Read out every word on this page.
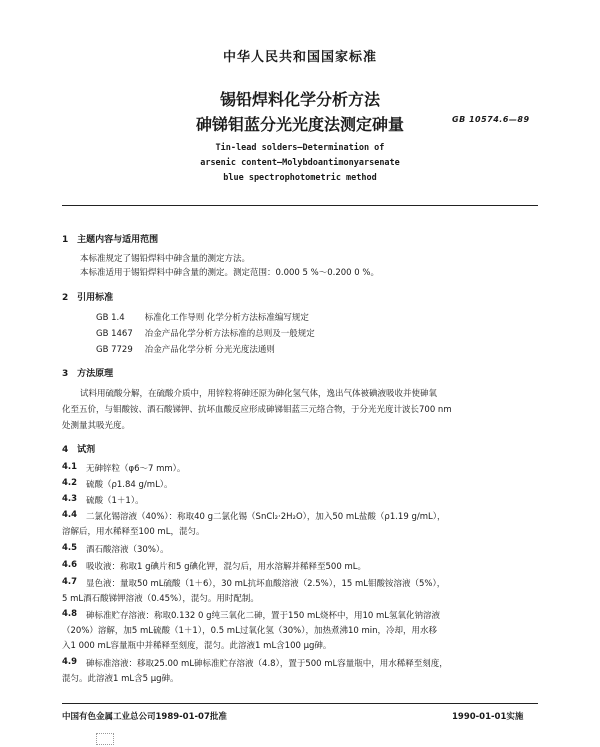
中华人民共和国国家标准
锡铅焊料化学分析方法
砷锑钼蓝分光光度法测定砷量	GB 10574.6—89
Tin-lead solders—Determination of
arsenic content—Molybdoantimonyarsenate
blue spectrophotometric method
1 主题内容与适用范围
本标准规定了锡铅焊料中砷含量的测定方法。
本标准适用于锡铅焊料中砷含量的测定。测定范围：0.000 5 %～0.200 0 %。
2 引用标准
GB 1.4 标准化工作导则 化学分析方法标准编写规定
GB 1467 冶金产品化学分析方法标准的总则及一般规定
GB 7729 冶金产品化学分析 分光光度法通则
3 方法原理
试料用硫酸分解，在硫酸介质中，用锌粒将砷还原为砷化氢气体，逸出气体被碘液吸收并使砷氧
化至五价，与钼酸铵、酒石酸锑钾、抗坏血酸反应形成砷锑钼蓝三元络合物，于分光光度计波长700 nm
处测量其吸光度。
4 试剂
4.1 无砷锌粒（φ6～7 mm）。
4.2 硫酸（ρ1.84 g/mL）。
4.3 硫酸（1＋1）。
4.4 二氯化锡溶液（40%）：称取40 g二氯化锡（SnCl₂·2H₂O），加入50 mL盐酸（ρ1.19 g/mL），
溶解后，用水稀释至100 mL，混匀。
4.5 酒石酸溶液（30%）。
4.6 吸收液：称取1 g碘片和5 g碘化钾，混匀后，用水溶解并稀释至500 mL。
4.7 显色液：量取50 mL硫酸（1＋6），30 mL抗坏血酸溶液（2.5%），15 mL钼酸铵溶液（5%），
5 mL酒石酸锑钾溶液（0.45%），混匀。用时配制。
4.8 砷标准贮存溶液：称取0.132 0 g纯三氧化二砷，置于150 mL烧杯中，用10 mL氢氧化钠溶液
（20%）溶解，加5 mL硫酸（1＋1），0.5 mL过氧化氢（30%），加热煮沸10 min，冷却，用水移
入1 000 mL容量瓶中并稀释至刻度，混匀。此溶液1 mL含100 μg砷。
4.9 砷标准溶液：移取25.00 mL砷标准贮存溶液（4.8），置于500 mL容量瓶中，用水稀释至刻度，
混匀。此溶液1 mL含5 μg砷。
中国有色金属工业总公司1989-01-07批准	1990-01-01实施
